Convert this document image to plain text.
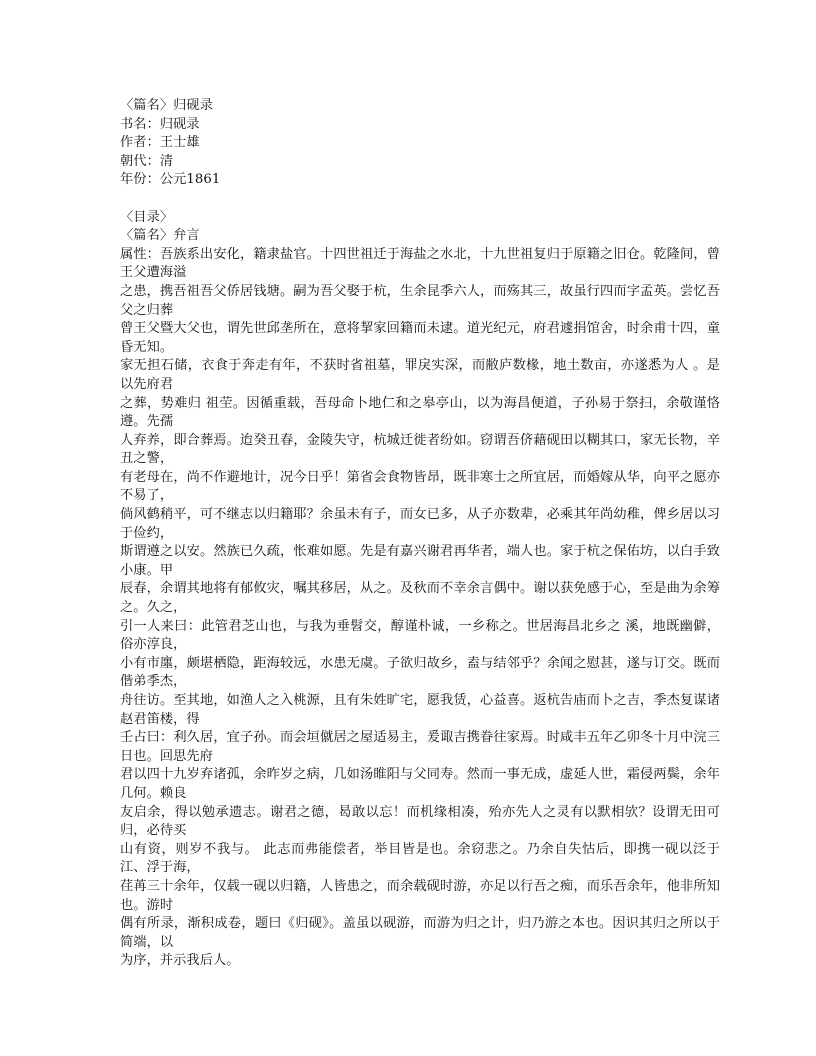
〈篇名〉归砚录
书名：归砚录
作者：王士雄
朝代：清
年份：公元1861
〈目录〉
〈篇名〉弁言
属性：吾族系出安化，籍隶盐官。十四世祖迁于海盐之水北，十九世祖复归于原籍之旧仓。乾隆间，曾王父遭海溢
之患，携吾祖吾父侨居钱塘。嗣为吾父娶于杭，生余昆季六人，而殇其三，故虽行四而字孟英。尝忆吾父之归葬
曾王父暨大父也，谓先世邱垄所在，意将挈家回籍而未逮。道光纪元，府君遽捐馆舍，时余甫十四，童昏无知。
家无担石储，衣食于奔走有年，不获时省祖墓，罪戾实深，而敝庐数椽，地土数亩，亦遂悉为人 。是以先府君
之葬，势难归 祖茔。因循重载，吾母命卜地仁和之皋亭山，以为海昌便道，子孙易于祭扫，余敬谨恪遵。先孺
人弃养，即合葬焉。迨癸丑春，金陵失守，杭城迁徙者纷如。窃谓吾侪藉砚田以糊其口，家无长物，辛丑之警，
有老母在，尚不作避地计，况今日乎！第省会食物皆昂，既非寒士之所宜居，而婚嫁从华，向平之愿亦不易了，
倘风鹤稍平，可不继志以归籍耶？余虽未有子，而女已多，从子亦数辈，必乘其年尚幼稚，俾乡居以习于俭约，
斯谓遵之以安。然族已久疏，怅难如愿。先是有嘉兴谢君再华者，端人也。家于杭之保佑坊，以白手致小康。甲
辰春，余谓其地将有郁攸灾，嘱其移居，从之。及秋而不幸余言偶中。谢以获免感于心，至是曲为余筹之。久之，
引一人来曰：此管君芝山也，与我为垂髫交，醇谨朴诚，一乡称之。世居海昌北乡之 溪，地既幽僻，俗亦淳良，
小有市廛，颇堪栖隐，距海较远，水患无虞。子欲归故乡，盍与结邻乎？余闻之慰甚，遂与订交。既而偕弟季杰，
舟往访。至其地，如渔人之入桃源，且有朱姓旷宅，愿我赁，心益喜。返杭告庙而卜之吉，季杰复谋诸赵君笛楼，得
壬占曰：利久居，宜子孙。而会垣僦居之屋适易主，爰诹吉携眷往家焉。时咸丰五年乙卯冬十月中浣三日也。回思先府
君以四十九岁弃诸孤，余昨岁之病，几如汤睢阳与父同寿。然而一事无成，虚延人世，霜侵两鬓，余年几何。赖良
友启余，得以勉承遗志。谢君之德，曷敢以忘！而机缘相凑，殆亦先人之灵有以默相欤？设谓无田可归，必待买
山有资，则岁不我与。 此志而弗能偿者，举目皆是也。余窃悲之。乃余自失怙后，即携一砚以泛于江、浮于海，
荏苒三十余年，仅载一砚以归籍，人皆患之，而余载砚时游，亦足以行吾之痴，而乐吾余年，他非所知也。游时
偶有所录，渐积成卷，题曰《归砚》。盖虽以砚游，而游为归之计，归乃游之本也。因识其归之所以于简端，以
为序，并示我后人。
